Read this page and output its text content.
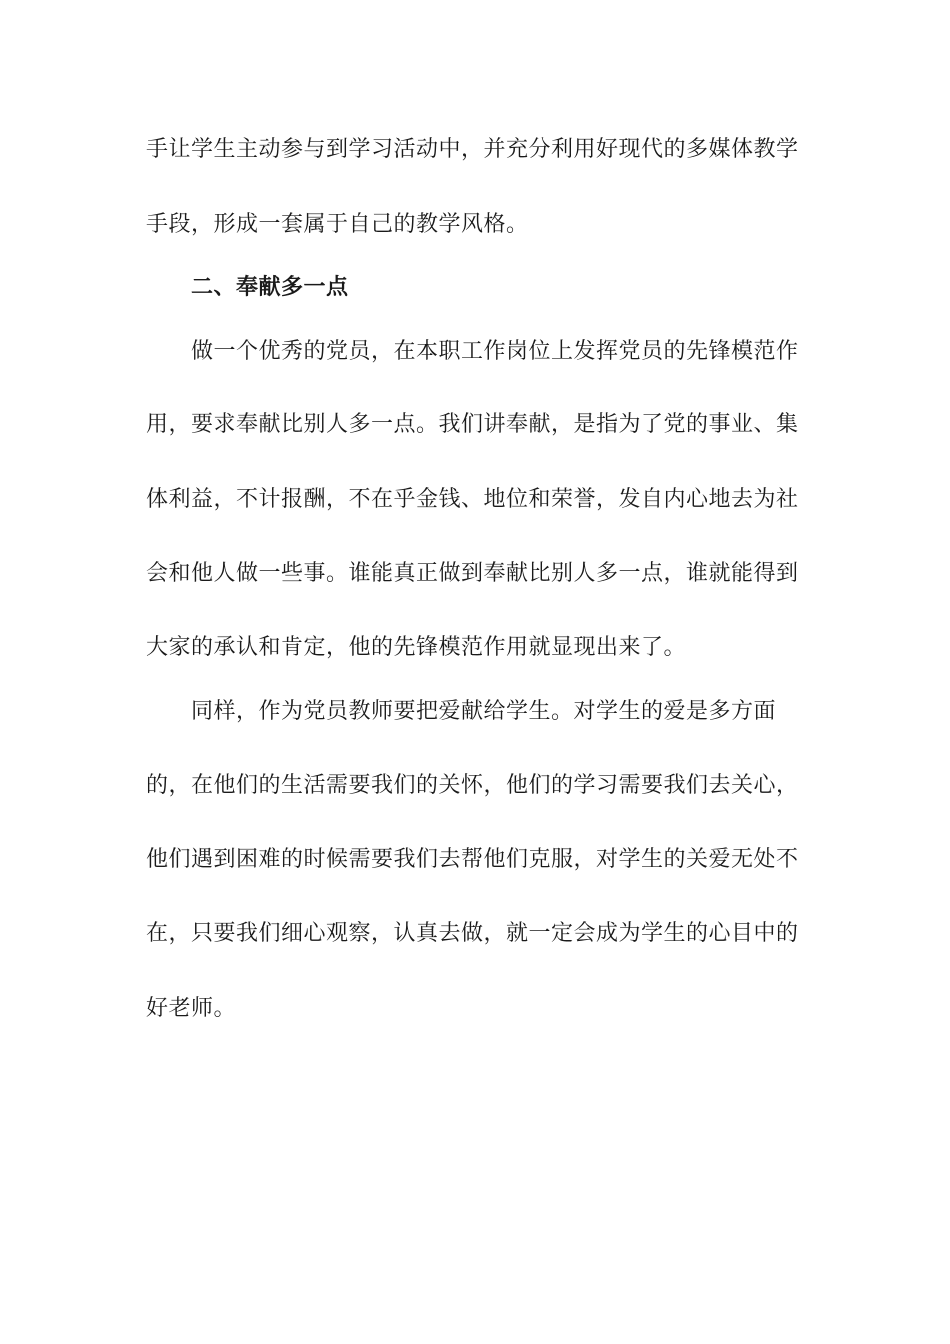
手让学生主动参与到学习活动中，并充分利用好现代的多媒体教学
手段，形成一套属于自己的教学风格。
二、奉献多一点
做一个优秀的党员，在本职工作岗位上发挥党员的先锋模范作
用，要求奉献比别人多一点。我们讲奉献，是指为了党的事业、集
体利益，不计报酬，不在乎金钱、地位和荣誉，发自内心地去为社
会和他人做一些事。谁能真正做到奉献比别人多一点，谁就能得到
大家的承认和肯定，他的先锋模范作用就显现出来了。
同样，作为党员教师要把爱献给学生。对学生的爱是多方面
的，在他们的生活需要我们的关怀，他们的学习需要我们去关心，
他们遇到困难的时候需要我们去帮他们克服，对学生的关爱无处不
在，只要我们细心观察，认真去做，就一定会成为学生的心目中的
好老师。
